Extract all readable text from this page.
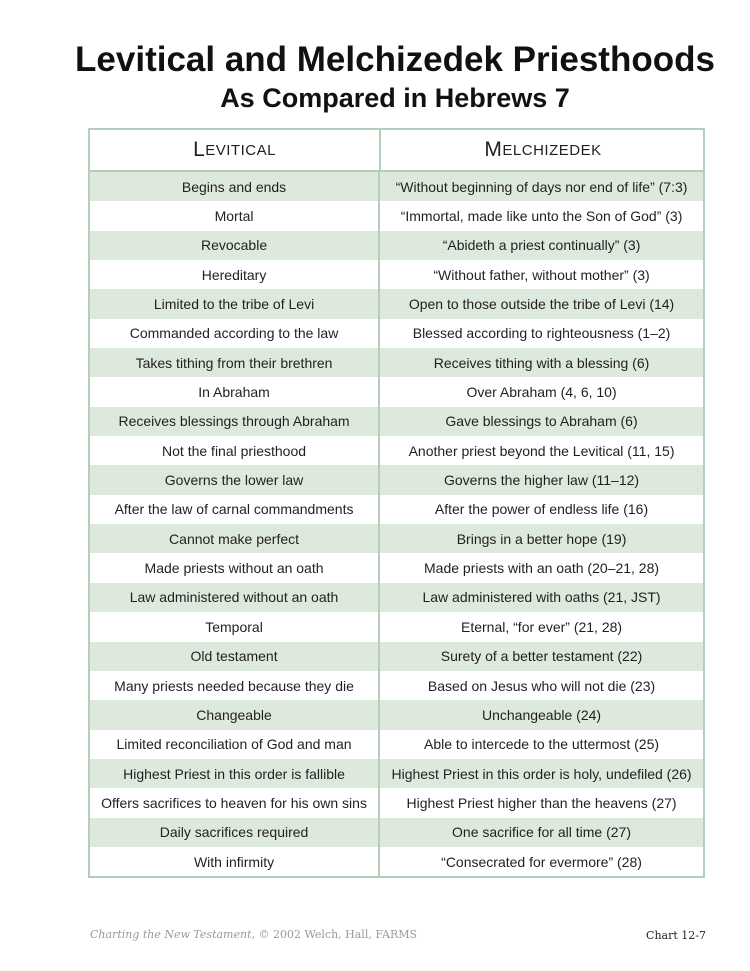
Levitical and Melchizedek Priesthoods
As Compared in Hebrews 7
L EVITICAL	M ELCHIZEDEK
Begins and ends	“Without beginning of days nor end of life” (7:3)
Mortal	“Immortal, made like unto the Son of God” (3)
Revocable	“Abideth a priest continually” (3)
Hereditary	“Without father, without mother” (3)
Limited to the tribe of Levi	Open to those outside the tribe of Levi (14)
Commanded according to the law	Blessed according to righteousness (1–2)
Takes tithing from their brethren	Receives tithing with a blessing (6)
In Abraham	Over Abraham (4, 6, 10)
Receives blessings through Abraham	Gave blessings to Abraham (6)
Not the final priesthood	Another priest beyond the Levitical (11, 15)
Governs the lower law	Governs the higher law (11–12)
After the law of carnal commandments	After the power of endless life (16)
Cannot make perfect	Brings in a better hope (19)
Made priests without an oath	Made priests with an oath (20–21, 28)
Law administered without an oath	Law administered with oaths (21, JST)
Temporal	Eternal, “for ever” (21, 28)
Old testament	Surety of a better testament (22)
Many priests needed because they die	Based on Jesus who will not die (23)
Changeable	Unchangeable (24)
Limited reconciliation of God and man	Able to intercede to the uttermost (25)
Highest Priest in this order is fallible	Highest Priest in this order is holy, undefiled (26)
Offers sacrifices to heaven for his own sins	Highest Priest higher than the heavens (27)
Daily sacrifices required	One sacrifice for all time (27)
With infirmity	“Consecrated for evermore” (28)
Charting the New Testament, © 2002 Welch, Hall, FARMS	Chart 12-7
